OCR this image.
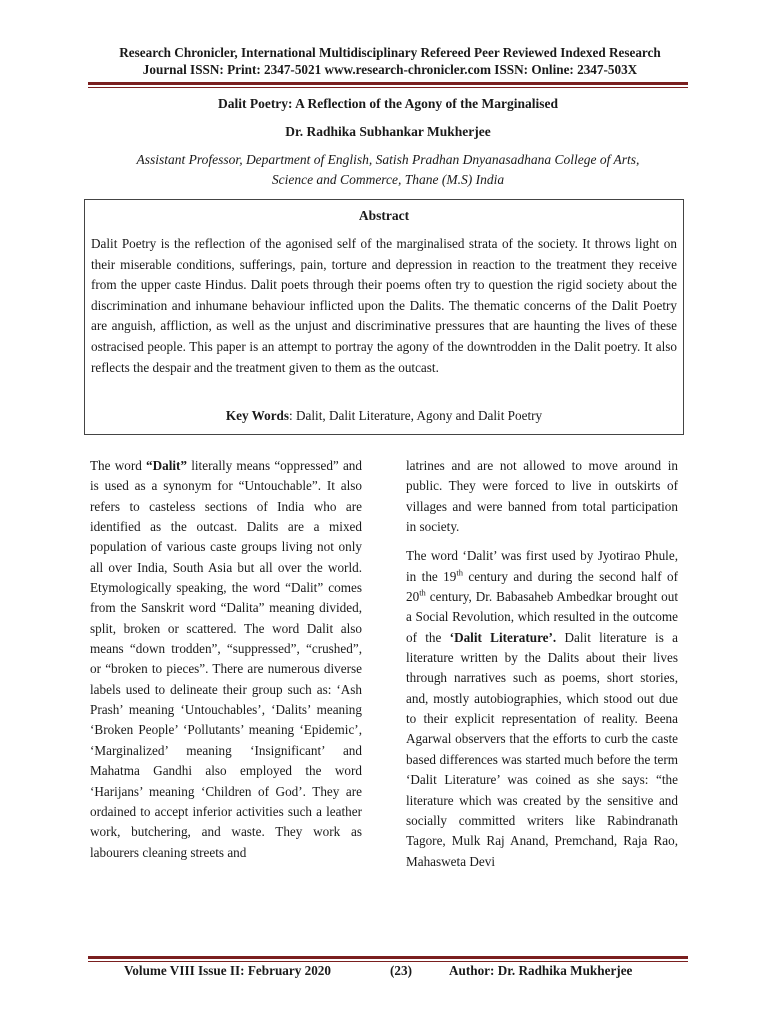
Research Chronicler, International Multidisciplinary Refereed Peer Reviewed Indexed Research
Journal ISSN: Print: 2347-5021 www.research-chronicler.com ISSN: Online: 2347-503X
Dalit Poetry: A Reflection of the Agony of the Marginalised
Dr. Radhika Subhankar Mukherjee
Assistant Professor, Department of English, Satish Pradhan Dnyanasadhana College of Arts,
Science and Commerce, Thane (M.S) India
Abstract

Dalit Poetry is the reflection of the agonised self of the marginalised strata of the society. It throws light on their miserable conditions, sufferings, pain, torture and depression in reaction to the treatment they receive from the upper caste Hindus. Dalit poets through their poems often try to question the rigid society about the discrimination and inhumane behaviour inflicted upon the Dalits. The thematic concerns of the Dalit Poetry are anguish, affliction, as well as the unjust and discriminative pressures that are haunting the lives of these ostracised people. This paper is an attempt to portray the agony of the downtrodden in the Dalit poetry. It also reflects the despair and the treatment given to them as the outcast.

Key Words: Dalit, Dalit Literature, Agony and Dalit Poetry

The word “Dalit” literally means “oppressed” and is used as a synonym for “Untouchable”. It also refers to casteless sections of India who are identified as the outcast. Dalits are a mixed population of various caste groups living not only all over India, South Asia but all over the world. Etymologically speaking, the word “Dalit” comes from the Sanskrit word “Dalita” meaning divided, split, broken or scattered. The word Dalit also means “down trodden”, “suppressed”, “crushed”, or “broken to pieces”. There are numerous diverse labels used to delineate their group such as: ‘Ash Prash’ meaning ‘Untouchables’, ‘Dalits’ meaning ‘Broken People’ ‘Pollutants’ meaning ‘Epidemic’, ‘Marginalized’ meaning ‘Insignificant’ and Mahatma Gandhi also employed the word ‘Harijans’ meaning ‘Children of God’. They are ordained to accept inferior activities such a leather work, butchering, and waste. They work as labourers cleaning streets and

latrines and are not allowed to move around in public. They were forced to live in outskirts of villages and were banned from total participation in society.

The word ‘Dalit’ was first used by Jyotirao Phule, in the 19th century and during the second half of 20th century, Dr. Babasaheb Ambedkar brought out a Social Revolution, which resulted in the outcome of the ‘Dalit Literature’. Dalit literature is a literature written by the Dalits about their lives through narratives such as poems, short stories, and, mostly autobiographies, which stood out due to their explicit representation of reality. Beena Agarwal observers that the efforts to curb the caste based differences was started much before the term ‘Dalit Literature’ was coined as she says: “the literature which was created by the sensitive and socially committed writers like Rabindranath Tagore, Mulk Raj Anand, Premchand, Raja Rao, Mahasweta Devi

Volume VIII Issue II: February 2020	(23)	Author: Dr. Radhika Mukherjee
